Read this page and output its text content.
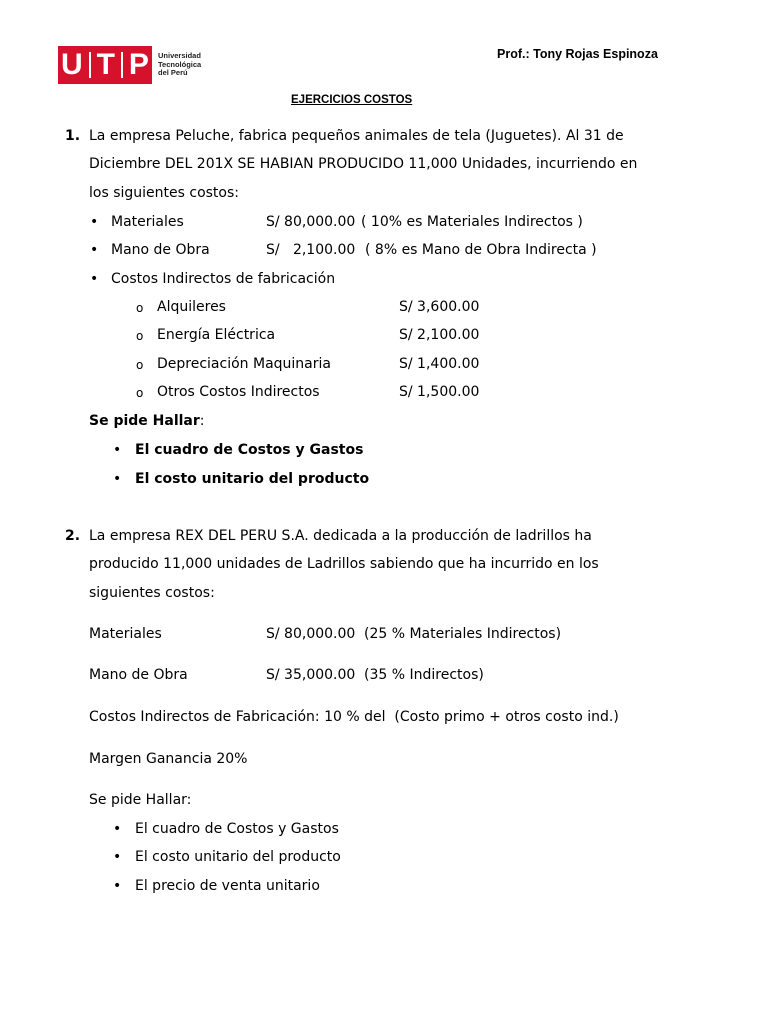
U T P Universidad
Tecnológica
del Perú
Prof.: Tony Rojas Espinoza
EJERCICIOS COSTOS
1. La empresa Peluche, fabrica pequeños animales de tela (Juguetes). Al 31 de
Diciembre DEL 201X SE HABIAN PRODUCIDO 11,000 Unidades, incurriendo en
los siguientes costos:
• Materiales	S/ 80,000.00 ( 10% es Materiales Indirectos )
• Mano de Obra	S/   2,100.00 ( 8% es Mano de Obra Indirecta )
• Costos Indirectos de fabricación
o Alquileres	S/ 3,600.00
o Energía Eléctrica	S/ 2,100.00
o Depreciación Maquinaria	S/ 1,400.00
o Otros Costos Indirectos	S/ 1,500.00
Se pide Hallar:
• El cuadro de Costos y Gastos
• El costo unitario del producto
2. La empresa REX DEL PERU S.A. dedicada a la producción de ladrillos ha
producido 11,000 unidades de Ladrillos sabiendo que ha incurrido en los
siguientes costos:
Materiales	S/ 80,000.00 (25 % Materiales Indirectos)
Mano de Obra	S/ 35,000.00 (35 % Indirectos)
Costos Indirectos de Fabricación: 10 % del  (Costo primo + otros costo ind.)
Margen Ganancia 20%
Se pide Hallar:
• El cuadro de Costos y Gastos
• El costo unitario del producto
• El precio de venta unitario
